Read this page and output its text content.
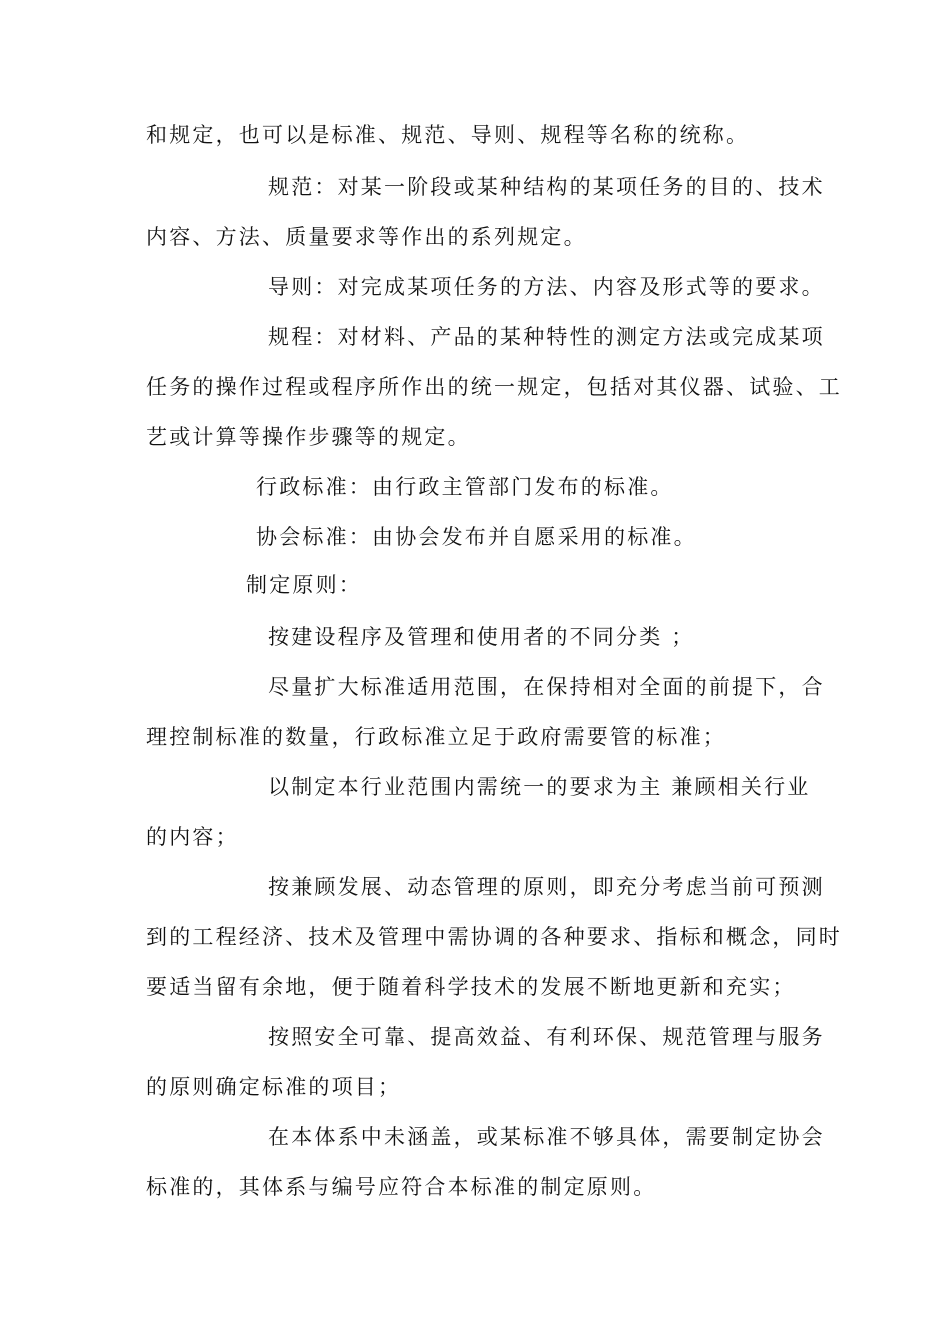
和规定，也可以是标准、规范、导则、规程等名称的统称。
规范：对某一阶段或某种结构的某项任务的目的、技术
内容、方法、质量要求等作出的系列规定。
导则：对完成某项任务的方法、内容及形式等的要求。
规程：对材料、产品的某种特性的测定方法或完成某项
任务的操作过程或程序所作出的统一规定，包括对其仪器、试验、工
艺或计算等操作步骤等的规定。
行政标准：由行政主管部门发布的标准。
协会标准：由协会发布并自愿采用的标准。
制定原则：
按建设程序及管理和使用者的不同分类 ；
尽量扩大标准适用范围，在保持相对全面的前提下，合
理控制标准的数量，行政标准立足于政府需要管的标准；
以制定本行业范围内需统一的要求为主 兼顾相关行业
的内容；
按兼顾发展、动态管理的原则，即充分考虑当前可预测
到的工程经济、技术及管理中需协调的各种要求、指标和概念，同时
要适当留有余地，便于随着科学技术的发展不断地更新和充实；
按照安全可靠、提高效益、有利环保、规范管理与服务
的原则确定标准的项目；
在本体系中未涵盖，或某标准不够具体，需要制定协会
标准的，其体系与编号应符合本标准的制定原则。
